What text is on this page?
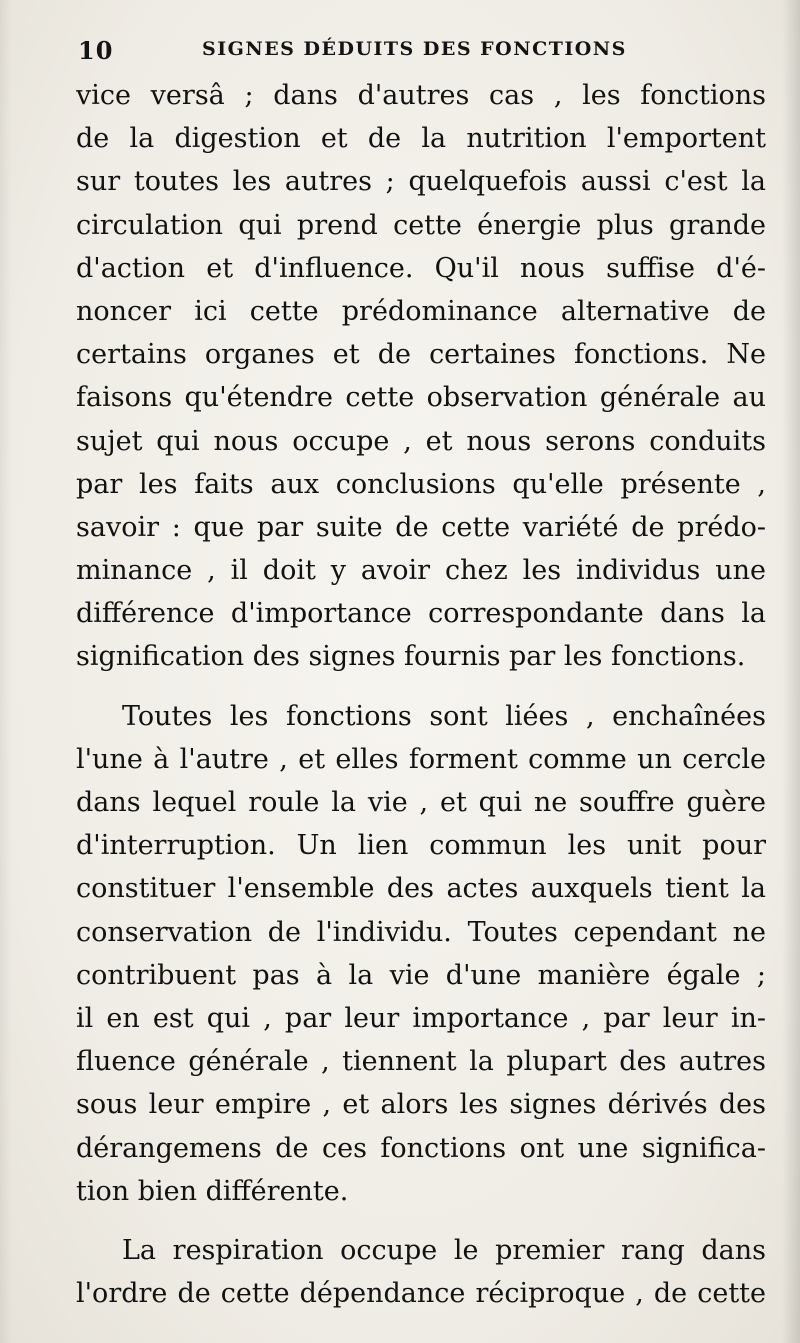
10	SIGNES DÉDUITS DES FONCTIONS
vice versâ ; dans d'autres cas , les fonctions
de la digestion et de la nutrition l'emportent
sur toutes les autres ; quelquefois aussi c'est la
circulation qui prend cette énergie plus grande
d'action et d'influence. Qu'il nous suffise d'é-
noncer ici cette prédominance alternative de
certains organes et de certaines fonctions. Ne
faisons qu'étendre cette observation générale au
sujet qui nous occupe , et nous serons conduits
par les faits aux conclusions qu'elle présente ,
savoir : que par suite de cette variété de prédo-
minance , il doit y avoir chez les individus une
différence d'importance correspondante dans la
signification des signes fournis par les fonctions.
Toutes les fonctions sont liées , enchaînées
l'une à l'autre , et elles forment comme un cercle
dans lequel roule la vie , et qui ne souffre guère
d'interruption. Un lien commun les unit pour
constituer l'ensemble des actes auxquels tient la
conservation de l'individu. Toutes cependant ne
contribuent pas à la vie d'une manière égale ;
il en est qui , par leur importance , par leur in-
fluence générale , tiennent la plupart des autres
sous leur empire , et alors les signes dérivés des
dérangemens de ces fonctions ont une significa-
tion bien différente.
La respiration occupe le premier rang dans
l'ordre de cette dépendance réciproque , de cette
